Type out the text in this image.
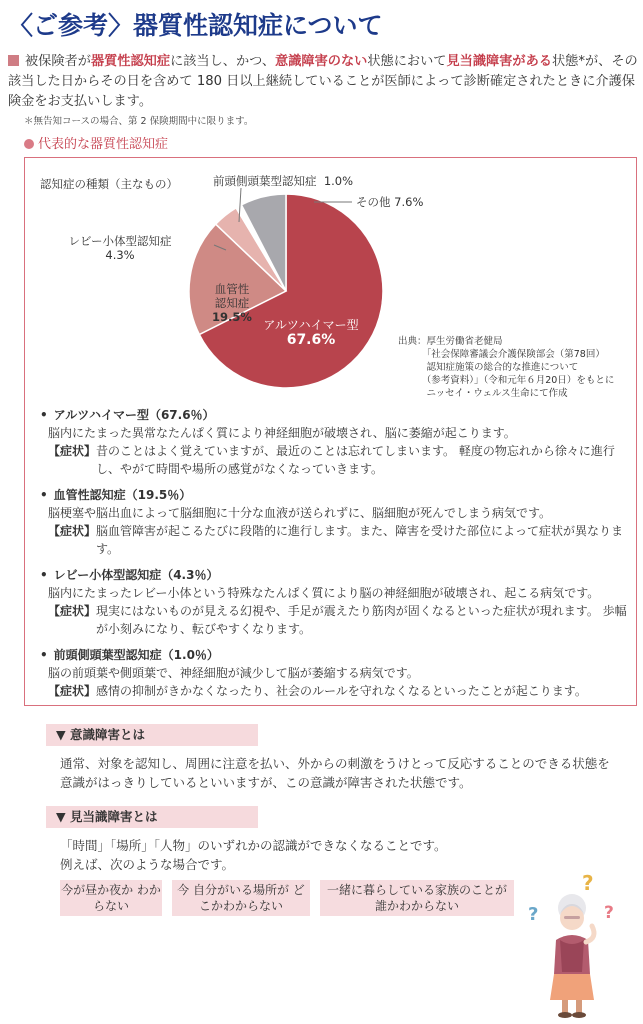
〈ご参考〉器質性認知症について
被保険者が器質性認知症に該当し、かつ、意識障害のない状態において見当識障害がある状態*が、その該当した日からその日を含めて 180 日以上継続していることが医師によって診断確定されたときに介護保険金をお支払いします。
＊無告知コースの場合、第 2 保険期間中に限ります。
代表的な器質性認知症
認知症の種類（主なもの）	前頭側頭葉型認知症 1.0%
その他 7.6%
レビー小体型認知症
4.3%
血管性
認知症
19.5%
アルツハイマー型
67.6%	出典：厚生労働省老健局
　　　「社会保障審議会介護保険部会（第78回）
　　　認知症施策の総合的な推進について
　　　（参考資料）」（令和元年６月20日）をもとに
　　　ニッセイ・ウェルス生命にて作成
• アルツハイマー型（67.6％）
脳内にたまった異常なたんぱく質により神経細胞が破壊され、脳に萎縮が起こります。
【症状】 昔のことはよく覚えていますが、最近のことは忘れてしまいます。 軽度の物忘れから徐々に進行し、やがて時間や場所の感覚がなくなっていきます。
• 血管性認知症（19.5％）
脳梗塞や脳出血によって脳細胞に十分な血液が送られずに、脳細胞が死んでしまう病気です。
【症状】 脳血管障害が起こるたびに段階的に進行します。また、障害を受けた部位によって症状が異なります。
• レビー小体型認知症（4.3％）
脳内にたまったレビー小体という特殊なたんぱく質により脳の神経細胞が破壊され、起こる病気です。
【症状】 現実にはないものが見える幻視や、手足が震えたり筋肉が固くなるといった症状が現れます。 歩幅が小刻みになり、転びやすくなります。
• 前頭側頭葉型認知症（1.0％）
脳の前頭葉や側頭葉で、神経細胞が減少して脳が萎縮する病気です。
【症状】 感情の抑制がきかなくなったり、社会のルールを守れなくなるといったことが起こります。
▼ 意識障害とは
通常、対象を認知し、周囲に注意を払い、外からの刺激をうけとって反応することのできる状態を意識がはっきりしているといいますが、この意識が障害された状態です。
▼ 見当識障害とは
「時間」「場所」「人物」のいずれかの認識ができなくなることです。
例えば、次のような場合です。
今が昼か夜か わからない
今 自分がいる場所が どこかわからない
一緒に暮らしている家族のことが 誰かわからない	?
?
?
